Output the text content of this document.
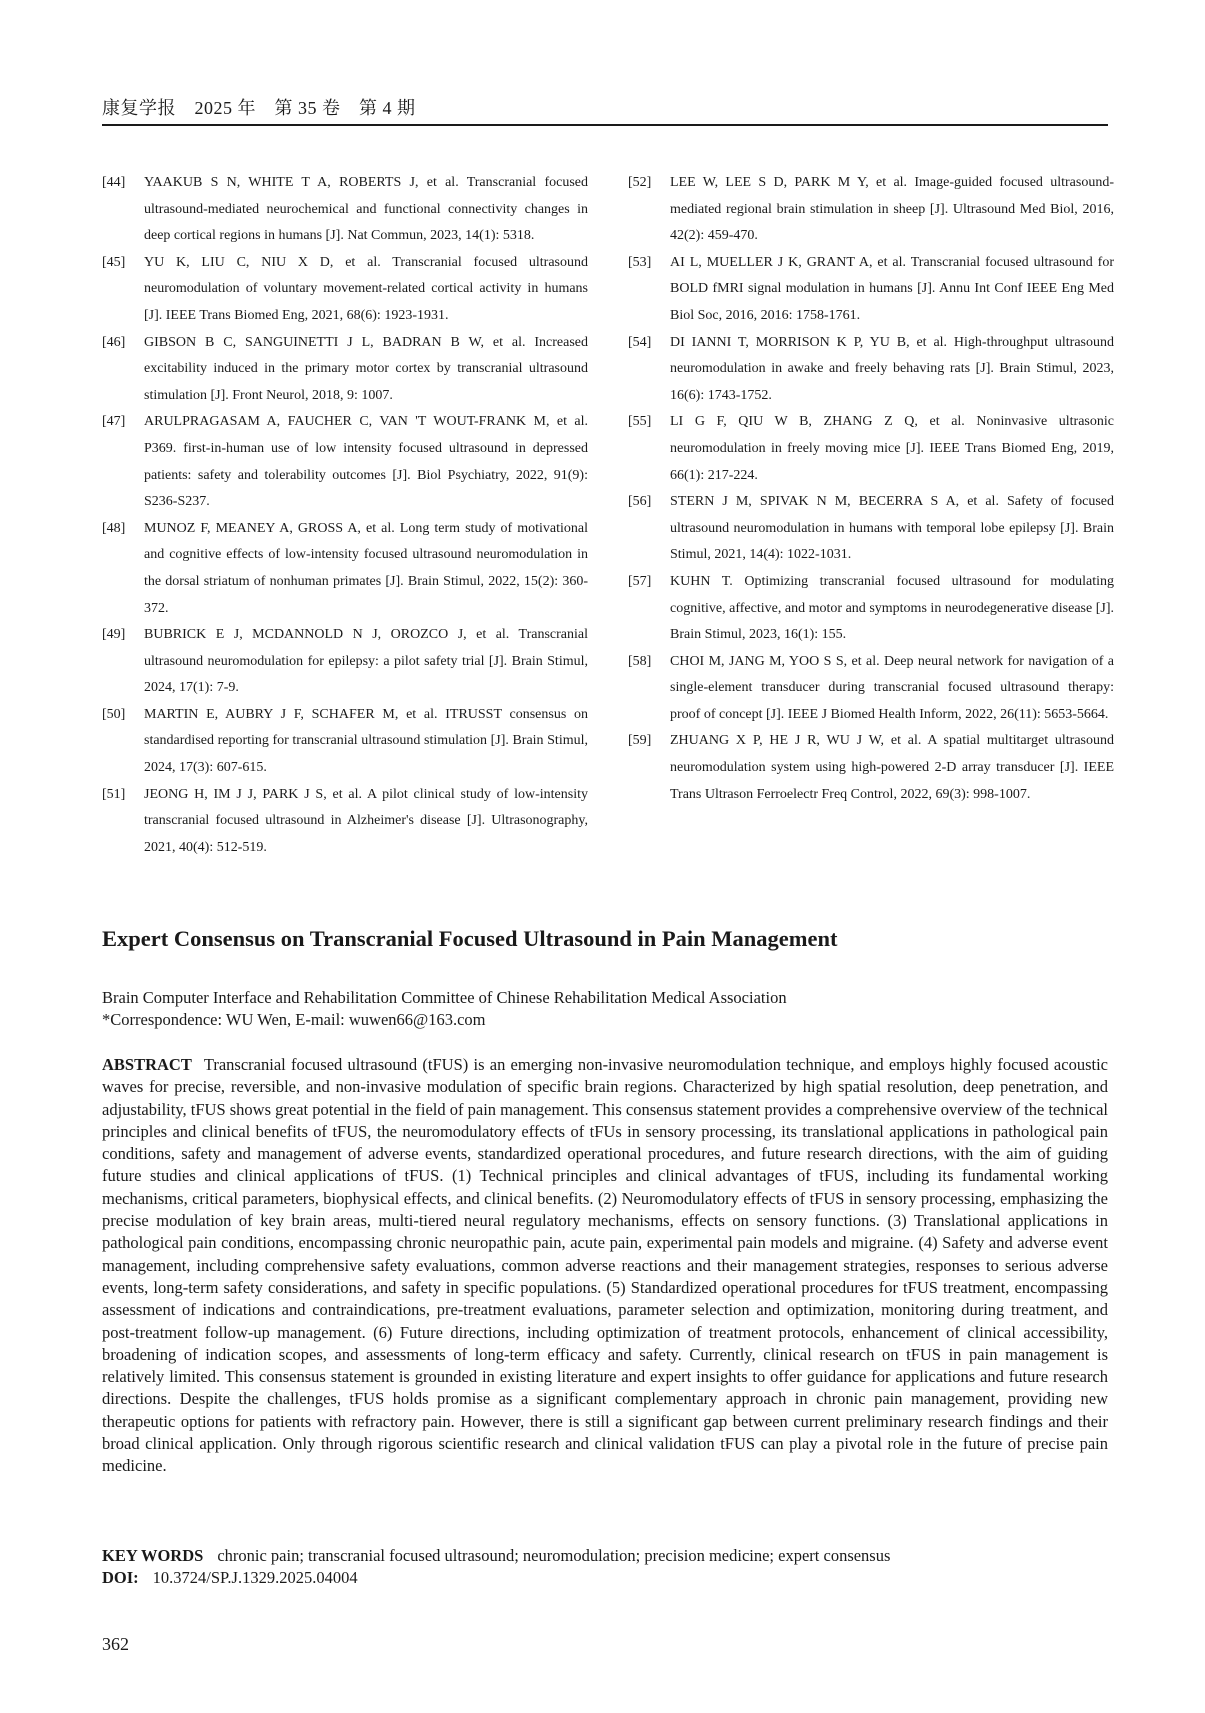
康复学报　2025 年　第 35 卷　第 4 期
[44] YAAKUB S N, WHITE T A, ROBERTS J, et al. Transcranial focused ultrasound-mediated neurochemical and functional connectivity changes in deep cortical regions in humans [J]. Nat Commun, 2023, 14(1): 5318.
[45] YU K, LIU C, NIU X D, et al. Transcranial focused ultrasound neuromodulation of voluntary movement-related cortical activity in humans [J]. IEEE Trans Biomed Eng, 2021, 68(6): 1923-1931.
[46] GIBSON B C, SANGUINETTI J L, BADRAN B W, et al. Increased excitability induced in the primary motor cortex by transcranial ultrasound stimulation [J]. Front Neurol, 2018, 9: 1007.
[47] ARULPRAGASAM A, FAUCHER C, VAN 'T WOUT-FRANK M, et al. P369. first-in-human use of low intensity focused ultrasound in depressed patients: safety and tolerability outcomes [J]. Biol Psychiatry, 2022, 91(9): S236-S237.
[48] MUNOZ F, MEANEY A, GROSS A, et al. Long term study of motivational and cognitive effects of low-intensity focused ultrasound neuromodulation in the dorsal striatum of nonhuman primates [J]. Brain Stimul, 2022, 15(2): 360-372.
[49] BUBRICK E J, MCDANNOLD N J, OROZCO J, et al. Transcranial ultrasound neuromodulation for epilepsy: a pilot safety trial [J]. Brain Stimul, 2024, 17(1): 7-9.
[50] MARTIN E, AUBRY J F, SCHAFER M, et al. ITRUSST consensus on standardised reporting for transcranial ultrasound stimulation [J]. Brain Stimul, 2024, 17(3): 607-615.
[51] JEONG H, IM J J, PARK J S, et al. A pilot clinical study of low-intensity transcranial focused ultrasound in Alzheimer's disease [J]. Ultrasonography, 2021, 40(4): 512-519.
[52] LEE W, LEE S D, PARK M Y, et al. Image-guided focused ultrasound-mediated regional brain stimulation in sheep [J]. Ultrasound Med Biol, 2016, 42(2): 459-470.
[53] AI L, MUELLER J K, GRANT A, et al. Transcranial focused ultrasound for BOLD fMRI signal modulation in humans [J]. Annu Int Conf IEEE Eng Med Biol Soc, 2016, 2016: 1758-1761.
[54] DI IANNI T, MORRISON K P, YU B, et al. High-throughput ultrasound neuromodulation in awake and freely behaving rats [J]. Brain Stimul, 2023, 16(6): 1743-1752.
[55] LI G F, QIU W B, ZHANG Z Q, et al. Noninvasive ultrasonic neuromodulation in freely moving mice [J]. IEEE Trans Biomed Eng, 2019, 66(1): 217-224.
[56] STERN J M, SPIVAK N M, BECERRA S A, et al. Safety of focused ultrasound neuromodulation in humans with temporal lobe epilepsy [J]. Brain Stimul, 2021, 14(4): 1022-1031.
[57] KUHN T. Optimizing transcranial focused ultrasound for modulating cognitive, affective, and motor and symptoms in neurodegenerative disease [J]. Brain Stimul, 2023, 16(1): 155.
[58] CHOI M, JANG M, YOO S S, et al. Deep neural network for navigation of a single-element transducer during transcranial focused ultrasound therapy: proof of concept [J]. IEEE J Biomed Health Inform, 2022, 26(11): 5653-5664.
[59] ZHUANG X P, HE J R, WU J W, et al. A spatial multitarget ultrasound neuromodulation system using high-powered 2-D array transducer [J]. IEEE Trans Ultrason Ferroelectr Freq Control, 2022, 69(3): 998-1007.
Expert Consensus on Transcranial Focused Ultrasound in Pain Management
Brain Computer Interface and Rehabilitation Committee of Chinese Rehabilitation Medical Association
*Correspondence: WU Wen, E-mail: wuwen66@163.com
ABSTRACT Transcranial focused ultrasound (tFUS) is an emerging non-invasive neuromodulation technique, and employs highly focused acoustic waves for precise, reversible, and non-invasive modulation of specific brain regions. Characterized by high spatial resolution, deep penetration, and adjustability, tFUS shows great potential in the field of pain management. This consensus statement provides a comprehensive overview of the technical principles and clinical benefits of tFUS, the neuromodulatory effects of tFUs in sensory processing, its translational applications in pathological pain conditions, safety and management of adverse events, standardized operational procedures, and future research directions, with the aim of guiding future studies and clinical applications of tFUS. (1) Technical principles and clinical advantages of tFUS, including its fundamental working mechanisms, critical parameters, biophysical effects, and clinical benefits. (2) Neuromodulatory effects of tFUS in sensory processing, emphasizing the precise modulation of key brain areas, multi-tiered neural regulatory mechanisms, effects on sensory functions. (3) Translational applications in pathological pain conditions, encompassing chronic neuropathic pain, acute pain, experimental pain models and migraine. (4) Safety and adverse event management, including comprehensive safety evaluations, common adverse reactions and their management strategies, responses to serious adverse events, long-term safety considerations, and safety in specific populations. (5) Standardized operational procedures for tFUS treatment, encompassing assessment of indications and contraindications, pre-treatment evaluations, parameter selection and optimization, monitoring during treatment, and post-treatment follow-up management. (6) Future directions, including optimization of treatment protocols, enhancement of clinical accessibility, broadening of indication scopes, and assessments of long-term efficacy and safety. Currently, clinical research on tFUS in pain management is relatively limited. This consensus statement is grounded in existing literature and expert insights to offer guidance for applications and future research directions. Despite the challenges, tFUS holds promise as a significant complementary approach in chronic pain management, providing new therapeutic options for patients with refractory pain. However, there is still a significant gap between current preliminary research findings and their broad clinical application. Only through rigorous scientific research and clinical validation tFUS can play a pivotal role in the future of precise pain medicine.
KEY WORDS chronic pain; transcranial focused ultrasound; neuromodulation; precision medicine; expert consensus
DOI: 10.3724/SP.J.1329.2025.04004
362
